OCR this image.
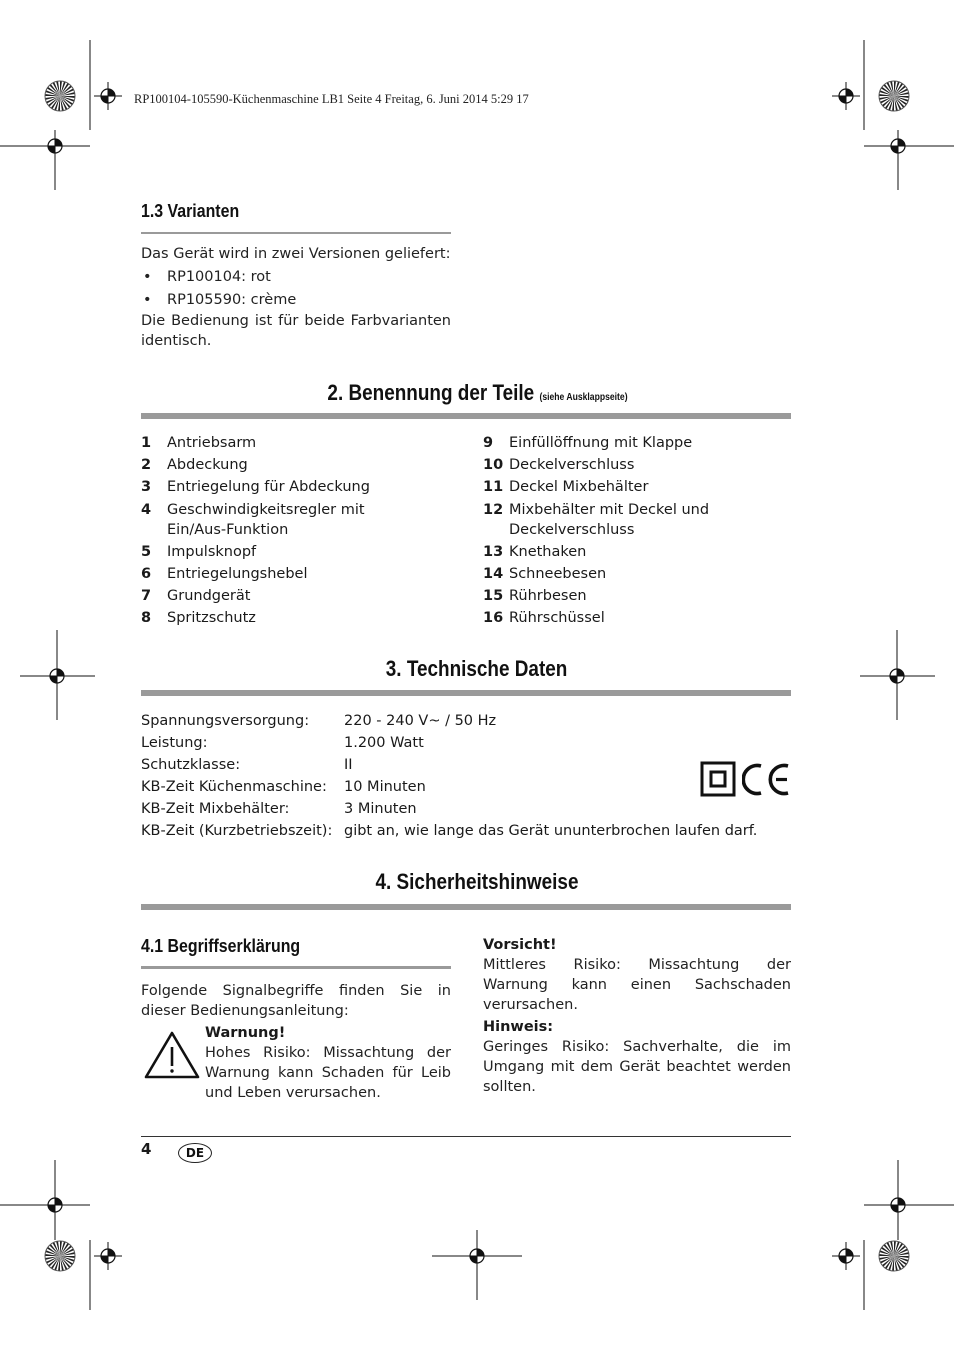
RP100104-105590-Küchenmaschine LB1 Seite 4 Freitag, 6. Juni 2014 5:29 17
1.3 Varianten
Das Gerät wird in zwei Versionen geliefert:
• RP100104: rot
• RP105590: crème
Die Bedienung ist für beide Farbvarianten identisch.
2. Benennung der Teile (siehe Ausklappseite)
1	Antriebsarm
2	Abdeckung
3	Entriegelung für Abdeckung
4	Geschwindigkeitsregler mit Ein/Aus-Funktion
5	Impulsknopf
6	Entriegelungshebel
7	Grundgerät
8	Spritzschutz
9	Einfüllöffnung mit Klappe
10 Deckelverschluss
11 Deckel Mixbehälter
12 Mixbehälter mit Deckel und Deckelverschluss
13 Knethaken
14 Schneebesen
15 Rührbesen
16 Rührschüssel
3. Technische Daten
Spannungsversorgung:	220 - 240 V~ / 50 Hz
Leistung:	1.200 Watt
Schutzklasse:	II
KB-Zeit Küchenmaschine:	10 Minuten
KB-Zeit Mixbehälter:	3 Minuten
KB-Zeit (Kurzbetriebszeit): gibt an, wie lange das Gerät ununterbrochen laufen darf.
4. Sicherheitshinweise
4.1 Begriffserklärung
Folgende Signalbegriffe finden Sie in dieser Bedienungsanleitung:
Warnung!
Hohes Risiko: Missachtung der Warnung kann Schaden für Leib und Leben verursachen.
Vorsicht!
Mittleres Risiko: Missachtung der Warnung kann einen Sachschaden verursachen.
Hinweis:
Geringes Risiko: Sachverhalte, die im Umgang mit dem Gerät beachtet werden sollten.
4	DE
